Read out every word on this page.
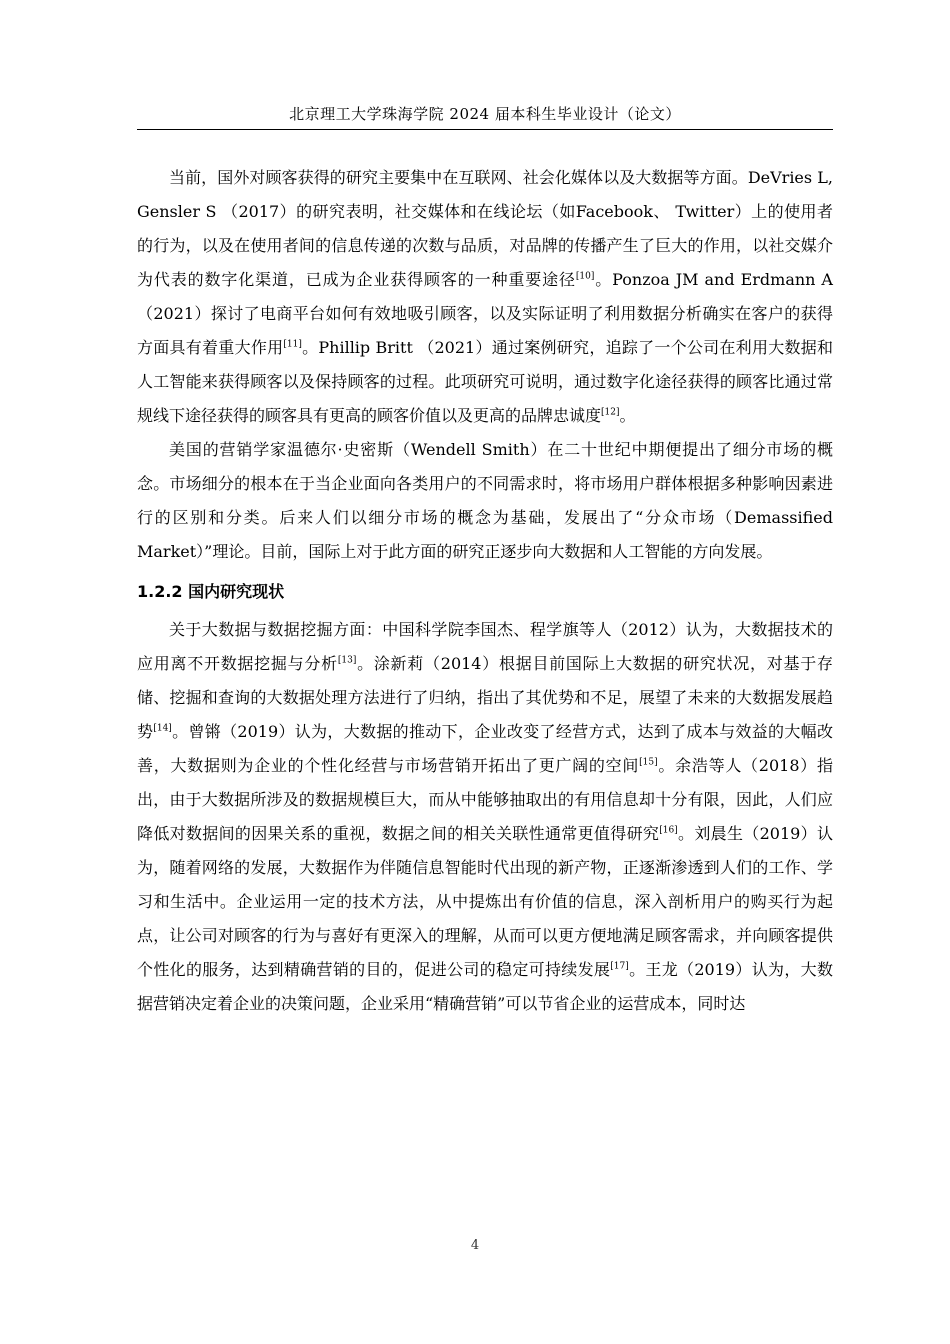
北京理工大学珠海学院 2024 届本科生毕业设计（论文）

当前，国外对顾客获得的研究主要集中在互联网、社会化媒体以及大数据等方面。DeVries L, Gensler S （2017）的研究表明，社交媒体和在线论坛（如Facebook、 Twitter）上的使用者的行为，以及在使用者间的信息传递的次数与品质，对品牌的传播产生了巨大的作用，以社交媒介为代表的数字化渠道，已成为企业获得顾客的一种重要途径[10]。Ponzoa JM and Erdmann A （2021）探讨了电商平台如何有效地吸引顾客，以及实际证明了利用数据分析确实在客户的获得方面具有着重大作用[11]。Phillip Britt （2021）通过案例研究，追踪了一个公司在利用大数据和人工智能来获得顾客以及保持顾客的过程。此项研究可说明，通过数字化途径获得的顾客比通过常规线下途径获得的顾客具有更高的顾客价值以及更高的品牌忠诚度[12]。

美国的营销学家温德尔·史密斯（Wendell Smith）在二十世纪中期便提出了细分市场的概念。市场细分的根本在于当企业面向各类用户的不同需求时，将市场用户群体根据多种影响因素进行的区别和分类。后来人们以细分市场的概念为基础，发展出了“分众市场（Demassified Market）”理论。目前，国际上对于此方面的研究正逐步向大数据和人工智能的方向发展。

1.2.2 国内研究现状

关于大数据与数据挖掘方面：中国科学院李国杰、程学旗等人（2012）认为，大数据技术的应用离不开数据挖掘与分析[13]。涂新莉（2014）根据目前国际上大数据的研究状况，对基于存储、挖掘和查询的大数据处理方法进行了归纳，指出了其优势和不足，展望了未来的大数据发展趋势[14]。曾锵（2019）认为，大数据的推动下，企业改变了经营方式，达到了成本与效益的大幅改善，大数据则为企业的个性化经营与市场营销开拓出了更广阔的空间[15]。余浩等人（2018）指出，由于大数据所涉及的数据规模巨大，而从中能够抽取出的有用信息却十分有限，因此，人们应降低对数据间的因果关系的重视，数据之间的相关关联性通常更值得研究[16]。刘晨生（2019）认为，随着网络的发展，大数据作为伴随信息智能时代出现的新产物，正逐渐渗透到人们的工作、学习和生活中。企业运用一定的技术方法，从中提炼出有价值的信息，深入剖析用户的购买行为起点，让公司对顾客的行为与喜好有更深入的理解，从而可以更方便地满足顾客需求，并向顾客提供个性化的服务，达到精确营销的目的，促进公司的稳定可持续发展[17]。王龙（2019）认为，大数据营销决定着企业的决策问题，企业采用“精确营销”可以节省企业的运营成本，同时达

4
